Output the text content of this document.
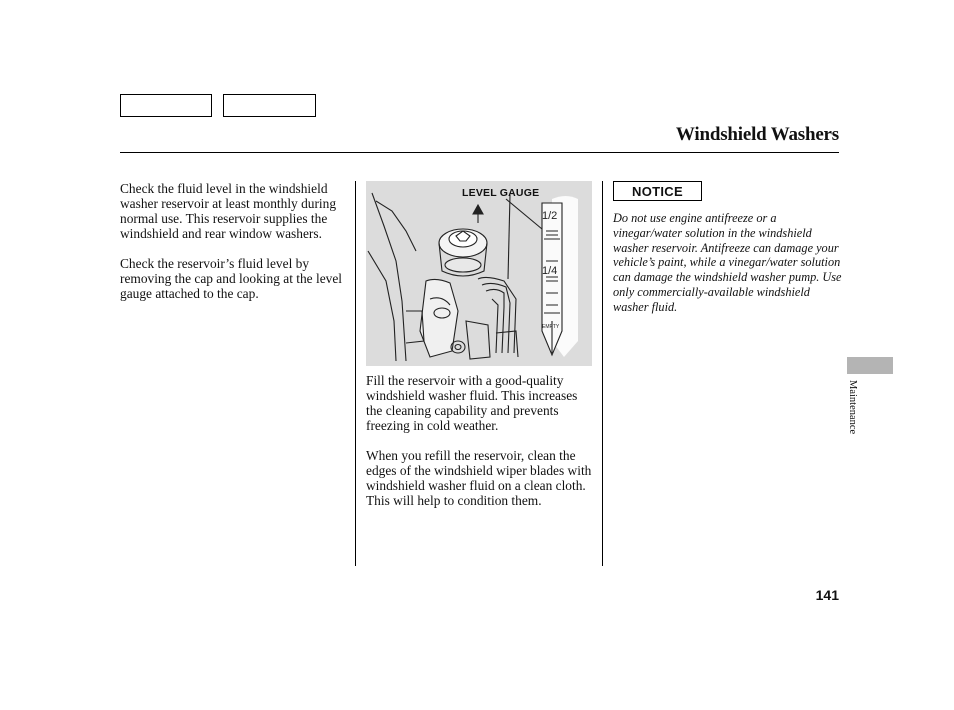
Windshield Washers

Check the fluid level in the windshield washer reservoir at least monthly during normal use. This reservoir supplies the windshield and rear window washers.

Check the reservoir’s fluid level by removing the cap and looking at the level gauge attached to the cap.

1/2
1/4
EMPTY
LEVEL GAUGE

Fill the reservoir with a good-quality windshield washer fluid. This increases the cleaning capability and prevents freezing in cold weather.

When you refill the reservoir, clean the edges of the windshield wiper blades with windshield washer fluid on a clean cloth. This will help to condition them.

NOTICE
Do not use engine antifreeze or a vinegar/water solution in the windshield washer reservoir. Antifreeze can damage your vehicle’s paint, while a vinegar/water solution can damage the windshield washer pump. Use only commercially-available windshield washer fluid.
Maintenance
141
